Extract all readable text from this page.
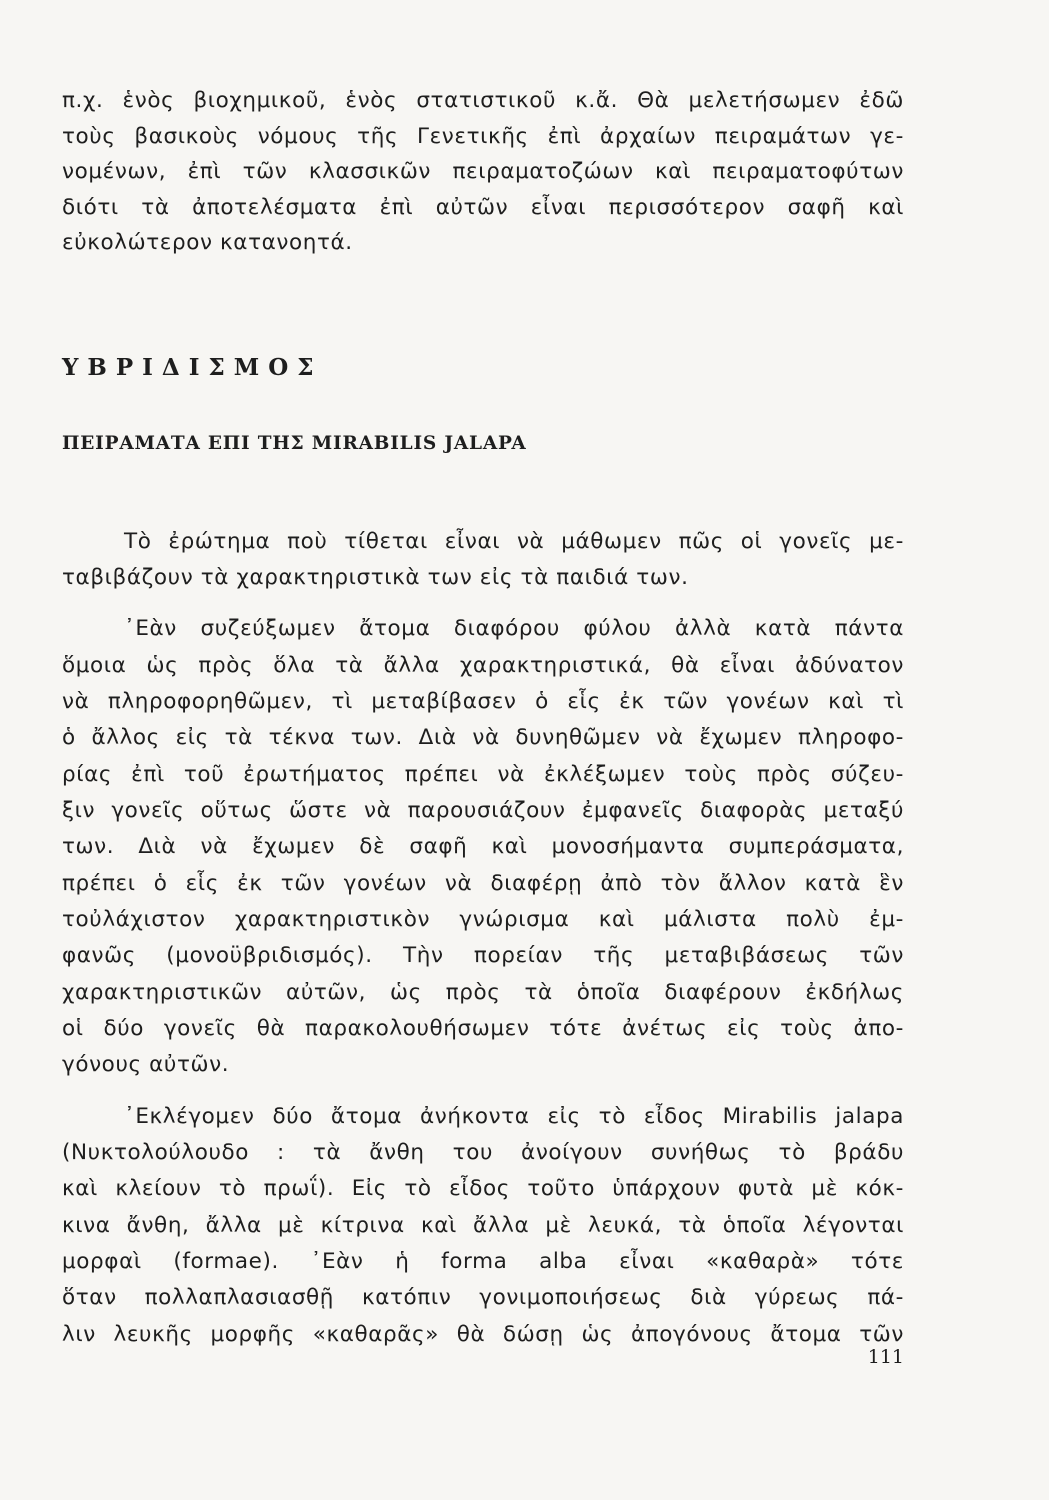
π.χ. ἑνὸς βιοχημικοῦ, ἑνὸς στατιστικοῦ κ.ἄ. Θὰ μελετήσωμεν ἐδῶ
τοὺς βασικοὺς νόμους τῆς Γενετικῆς ἐπὶ ἀρχαίων πειραμάτων γε-
νομένων, ἐπὶ τῶν κλασσικῶν πειραματοζώων καὶ πειραματοφύτων
διότι τὰ ἀποτελέσματα ἐπὶ αὐτῶν εἶναι περισσότερον σαφῆ καὶ
εὐκολώτερον κατανοητά.
ΥΒΡΙΔΙΣΜΟΣ
ΠΕΙΡΑΜΑΤΑ ΕΠΙ ΤΗΣ MIRABILIS JALAPA
Τὸ ἐρώτημα ποὺ τίθεται εἶναι νὰ μάθωμεν πῶς οἱ γονεῖς με-
ταβιβάζουν τὰ χαρακτηριστικὰ των εἰς τὰ παιδιά των.
᾿Εὰν συζεύξωμεν ἄτομα διαφόρου φύλου ἀλλὰ κατὰ πάντα
ὅμοια ὡς πρὸς ὅλα τὰ ἄλλα χαρακτηριστικά, θὰ εἶναι ἀδύνατον
νὰ πληροφορηθῶμεν, τὶ μεταβίβασεν ὁ εἷς ἐκ τῶν γονέων καὶ τὶ
ὁ ἄλλος εἰς τὰ τέκνα των. Διὰ νὰ δυνηθῶμεν νὰ ἔχωμεν πληροφο-
ρίας ἐπὶ τοῦ ἐρωτήματος πρέπει νὰ ἐκλέξωμεν τοὺς πρὸς σύζευ-
ξιν γονεῖς οὕτως ὥστε νὰ παρουσιάζουν ἐμφανεῖς διαφορὰς μεταξύ
των. Διὰ νὰ ἔχωμεν δὲ σαφῆ καὶ μονοσήμαντα συμπεράσματα,
πρέπει ὁ εἷς ἐκ τῶν γονέων νὰ διαφέρῃ ἀπὸ τὸν ἄλλον κατὰ ἓν
τοὐλάχιστον χαρακτηριστικὸν γνώρισμα καὶ μάλιστα πολὺ ἐμ-
φανῶς (μονοϋβριδισμός). Τὴν πορείαν τῆς μεταβιβάσεως τῶν
χαρακτηριστικῶν αὐτῶν, ὡς πρὸς τὰ ὁποῖα διαφέρουν ἐκδήλως
οἱ δύο γονεῖς θὰ παρακολουθήσωμεν τότε ἀνέτως εἰς τοὺς ἀπο-
γόνους αὐτῶν.
᾿Εκλέγομεν δύο ἄτομα ἀνήκοντα εἰς τὸ εἶδος Mirabilis jalapa
(Νυκτολούλουδο : τὰ ἄνθη του ἀνοίγουν συνήθως τὸ βράδυ
καὶ κλείουν τὸ πρωΐ). Εἰς τὸ εἶδος τοῦτο ὑπάρχουν φυτὰ μὲ κόκ-
κινα ἄνθη, ἄλλα μὲ κίτρινα καὶ ἄλλα μὲ λευκά, τὰ ὁποῖα λέγονται
μορφαὶ (formae). ᾿Εὰν ἡ forma alba εἶναι «καθαρὰ» τότε
ὅταν πολλαπλασιασθῇ κατόπιν γονιμοποιήσεως διὰ γύρεως πά-
λιν λευκῆς μορφῆς «καθαρᾶς» θὰ δώσῃ ὡς ἀπογόνους ἄτομα τῶν
111
